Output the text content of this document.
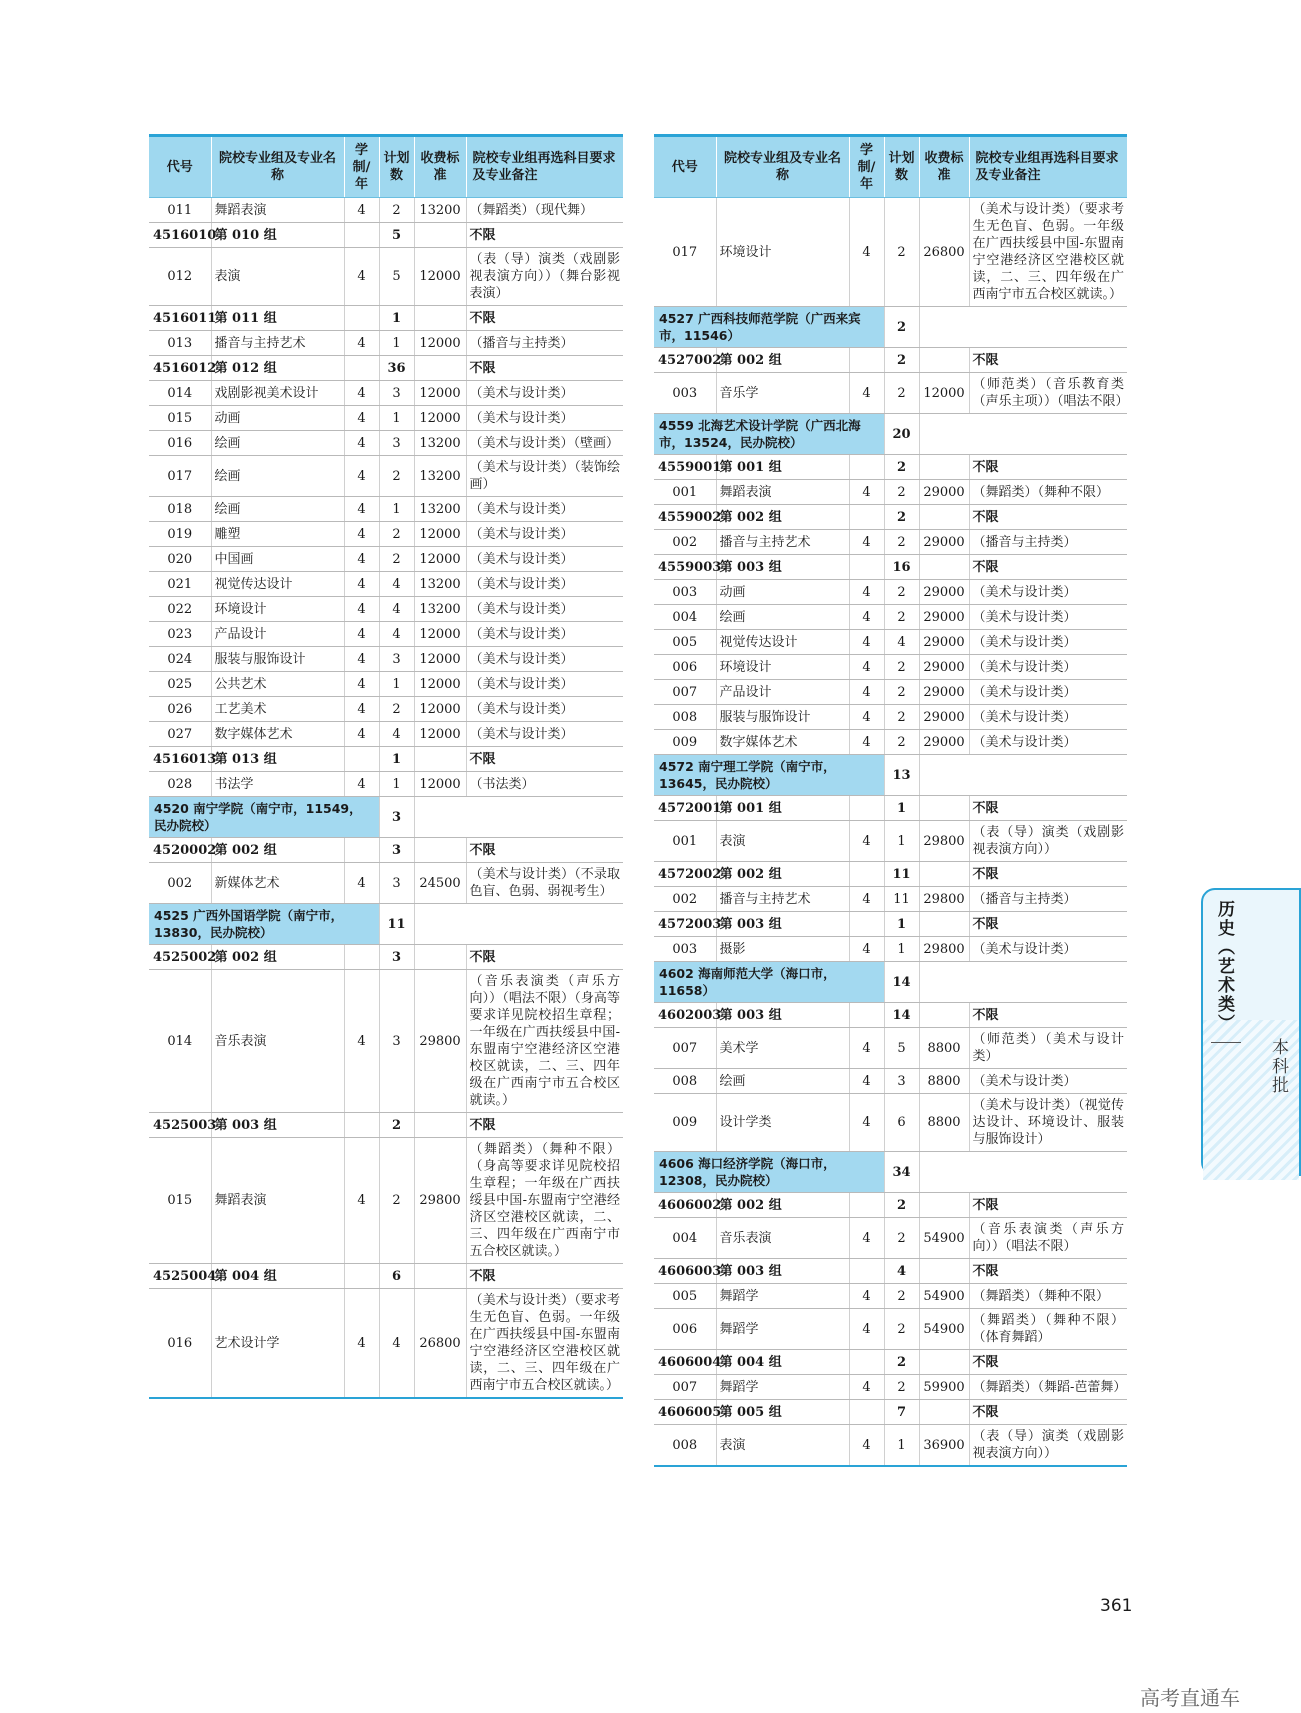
代号	院校专业组及专业名称	学制/年	计划数	收费标准	院校专业组再选科目要求及专业备注
011	舞蹈表演	4	2	13200	（舞蹈类）（现代舞）
4516010	第 010 组		5		不限
012	表演	4	5	12000	（表（导）演类（戏剧影视表演方向））（舞台影视表演）
4516011	第 011 组		1		不限
013	播音与主持艺术	4	1	12000	（播音与主持类）
4516012	第 012 组		36		不限
014	戏剧影视美术设计	4	3	12000	（美术与设计类）
015	动画	4	1	12000	（美术与设计类）
016	绘画	4	3	13200	（美术与设计类）（壁画）
017	绘画	4	2	13200	（美术与设计类）（装饰绘画）
018	绘画	4	1	13200	（美术与设计类）
019	雕塑	4	2	12000	（美术与设计类）
020	中国画	4	2	12000	（美术与设计类）
021	视觉传达设计	4	4	13200	（美术与设计类）
022	环境设计	4	4	13200	（美术与设计类）
023	产品设计	4	4	12000	（美术与设计类）
024	服装与服饰设计	4	3	12000	（美术与设计类）
025	公共艺术	4	1	12000	（美术与设计类）
026	工艺美术	4	2	12000	（美术与设计类）
027	数字媒体艺术	4	4	12000	（美术与设计类）
4516013	第 013 组		1		不限
028	书法学	4	1	12000	（书法类）
4520 南宁学院（南宁市，11549，民办院校）			3		
4520002	第 002 组		3		不限
002	新媒体艺术	4	3	24500	（美术与设计类）（不录取色盲、色弱、弱视考生）
4525 广西外国语学院（南宁市，13830，民办院校）			11		
4525002	第 002 组		3		不限
014	音乐表演	4	3	29800	（音乐表演类（声乐方向））（唱法不限）（身高等要求详见院校招生章程；一年级在广西扶绥县中国-东盟南宁空港经济区空港校区就读，二、三、四年级在广西南宁市五合校区就读。）
4525003	第 003 组		2		不限
015	舞蹈表演	4	2	29800	（舞蹈类）（舞种不限）（身高等要求详见院校招生章程；一年级在广西扶绥县中国-东盟南宁空港经济区空港校区就读，二、三、四年级在广西南宁市五合校区就读。）
4525004	第 004 组		6		不限
016	艺术设计学	4	4	26800	（美术与设计类）（要求考生无色盲、色弱。一年级在广西扶绥县中国-东盟南宁空港经济区空港校区就读，二、三、四年级在广西南宁市五合校区就读。）
代号	院校专业组及专业名称	学制/年	计划数	收费标准	院校专业组再选科目要求及专业备注
017	环境设计	4	2	26800	（美术与设计类）（要求考生无色盲、色弱。一年级在广西扶绥县中国-东盟南宁空港经济区空港校区就读，二、三、四年级在广西南宁市五合校区就读。）
4527 广西科技师范学院（广西来宾市，11546）			2		
4527002	第 002 组		2		不限
003	音乐学	4	2	12000	（师范类）（音乐教育类（声乐主项））（唱法不限）
4559 北海艺术设计学院（广西北海市，13524，民办院校）			20		
4559001	第 001 组		2		不限
001	舞蹈表演	4	2	29000	（舞蹈类）（舞种不限）
4559002	第 002 组		2		不限
002	播音与主持艺术	4	2	29000	（播音与主持类）
4559003	第 003 组		16		不限
003	动画	4	2	29000	（美术与设计类）
004	绘画	4	2	29000	（美术与设计类）
005	视觉传达设计	4	4	29000	（美术与设计类）
006	环境设计	4	2	29000	（美术与设计类）
007	产品设计	4	2	29000	（美术与设计类）
008	服装与服饰设计	4	2	29000	（美术与设计类）
009	数字媒体艺术	4	2	29000	（美术与设计类）
4572 南宁理工学院（南宁市，13645，民办院校）			13		
4572001	第 001 组		1		不限
001	表演	4	1	29800	（表（导）演类（戏剧影视表演方向））
4572002	第 002 组		11		不限
002	播音与主持艺术	4	11	29800	（播音与主持类）
4572003	第 003 组		1		不限
003	摄影	4	1	29800	（美术与设计类）
4602 海南师范大学（海口市，11658）			14		
4602003	第 003 组		14		不限
007	美术学	4	5	8800	（师范类）（美术与设计类）
008	绘画	4	3	8800	（美术与设计类）
009	设计学类	4	6	8800	（美术与设计类）（视觉传达设计、环境设计、服装与服饰设计）
4606 海口经济学院（海口市，12308，民办院校）			34		
4606002	第 002 组		2		不限
004	音乐表演	4	2	54900	（音乐表演类（声乐方向））（唱法不限）
4606003	第 003 组		4		不限
005	舞蹈学	4	2	54900	（舞蹈类）（舞种不限）
006	舞蹈学	4	2	54900	（舞蹈类）（舞种不限）（体育舞蹈）
4606004	第 004 组		2		不限
007	舞蹈学	4	2	59900	（舞蹈类）（舞蹈-芭蕾舞）
4606005	第 005 组		7		不限
008	表演	4	1	36900	（表（导）演类（戏剧影视表演方向））
历史（艺术类）
本科批
361
高考直通车
